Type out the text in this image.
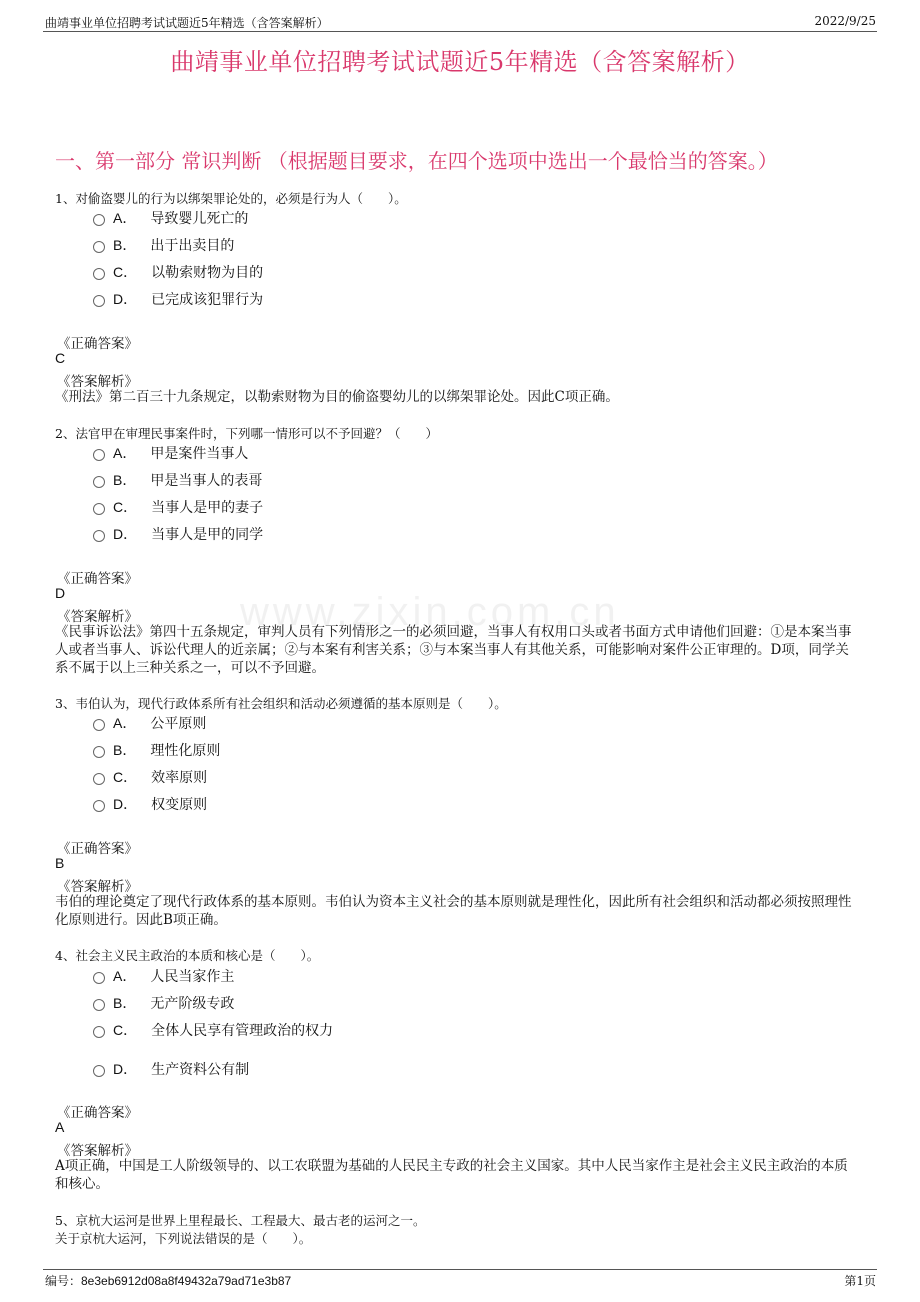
曲靖事业单位招聘考试试题近5年精选（含答案解析）	2022/9/25
曲靖事业单位招聘考试试题近5年精选（含答案解析）
一、第一部分 常识判断 （根据题目要求，在四个选项中选出一个最恰当的答案。）
www.zixin.com.cn
1、对偷盗婴儿的行为以绑架罪论处的，必须是行为人（　　）。
A． 导致婴儿死亡的
B． 出于出卖目的
C． 以勒索财物为目的
D． 已完成该犯罪行为
《正确答案》
C
《答案解析》
《刑法》第二百三十九条规定，以勒索财物为目的偷盗婴幼儿的以绑架罪论处。因此C项正确。
2、法官甲在审理民事案件时，下列哪一情形可以不予回避？（　　）
A． 甲是案件当事人
B． 甲是当事人的表哥
C． 当事人是甲的妻子
D． 当事人是甲的同学
《正确答案》
D
《答案解析》
《民事诉讼法》第四十五条规定，审判人员有下列情形之一的必须回避，当事人有权用口头或者书面方式申请他们回避：①是本案当事人或者当事人、诉讼代理人的近亲属；②与本案有利害关系；③与本案当事人有其他关系，可能影响对案件公正审理的。D项，同学关系不属于以上三种关系之一，可以不予回避。
3、韦伯认为，现代行政体系所有社会组织和活动必须遵循的基本原则是（　　）。
A． 公平原则
B． 理性化原则
C． 效率原则
D． 权变原则
《正确答案》
B
《答案解析》
韦伯的理论奠定了现代行政体系的基本原则。韦伯认为资本主义社会的基本原则就是理性化，因此所有社会组织和活动都必须按照理性化原则进行。因此B项正确。
4、社会主义民主政治的本质和核心是（　　）。
A． 人民当家作主
B． 无产阶级专政
C． 全体人民享有管理政治的权力
D． 生产资料公有制
《正确答案》
A
《答案解析》
A项正确，中国是工人阶级领导的、以工农联盟为基础的人民民主专政的社会主义国家。其中人民当家作主是社会主义民主政治的本质和核心。
5、京杭大运河是世界上里程最长、工程最大、最古老的运河之一。
关于京杭大运河，下列说法错误的是（　　）。
编号：8e3eb6912d08a8f49432a79ad71e3b87	第1页
